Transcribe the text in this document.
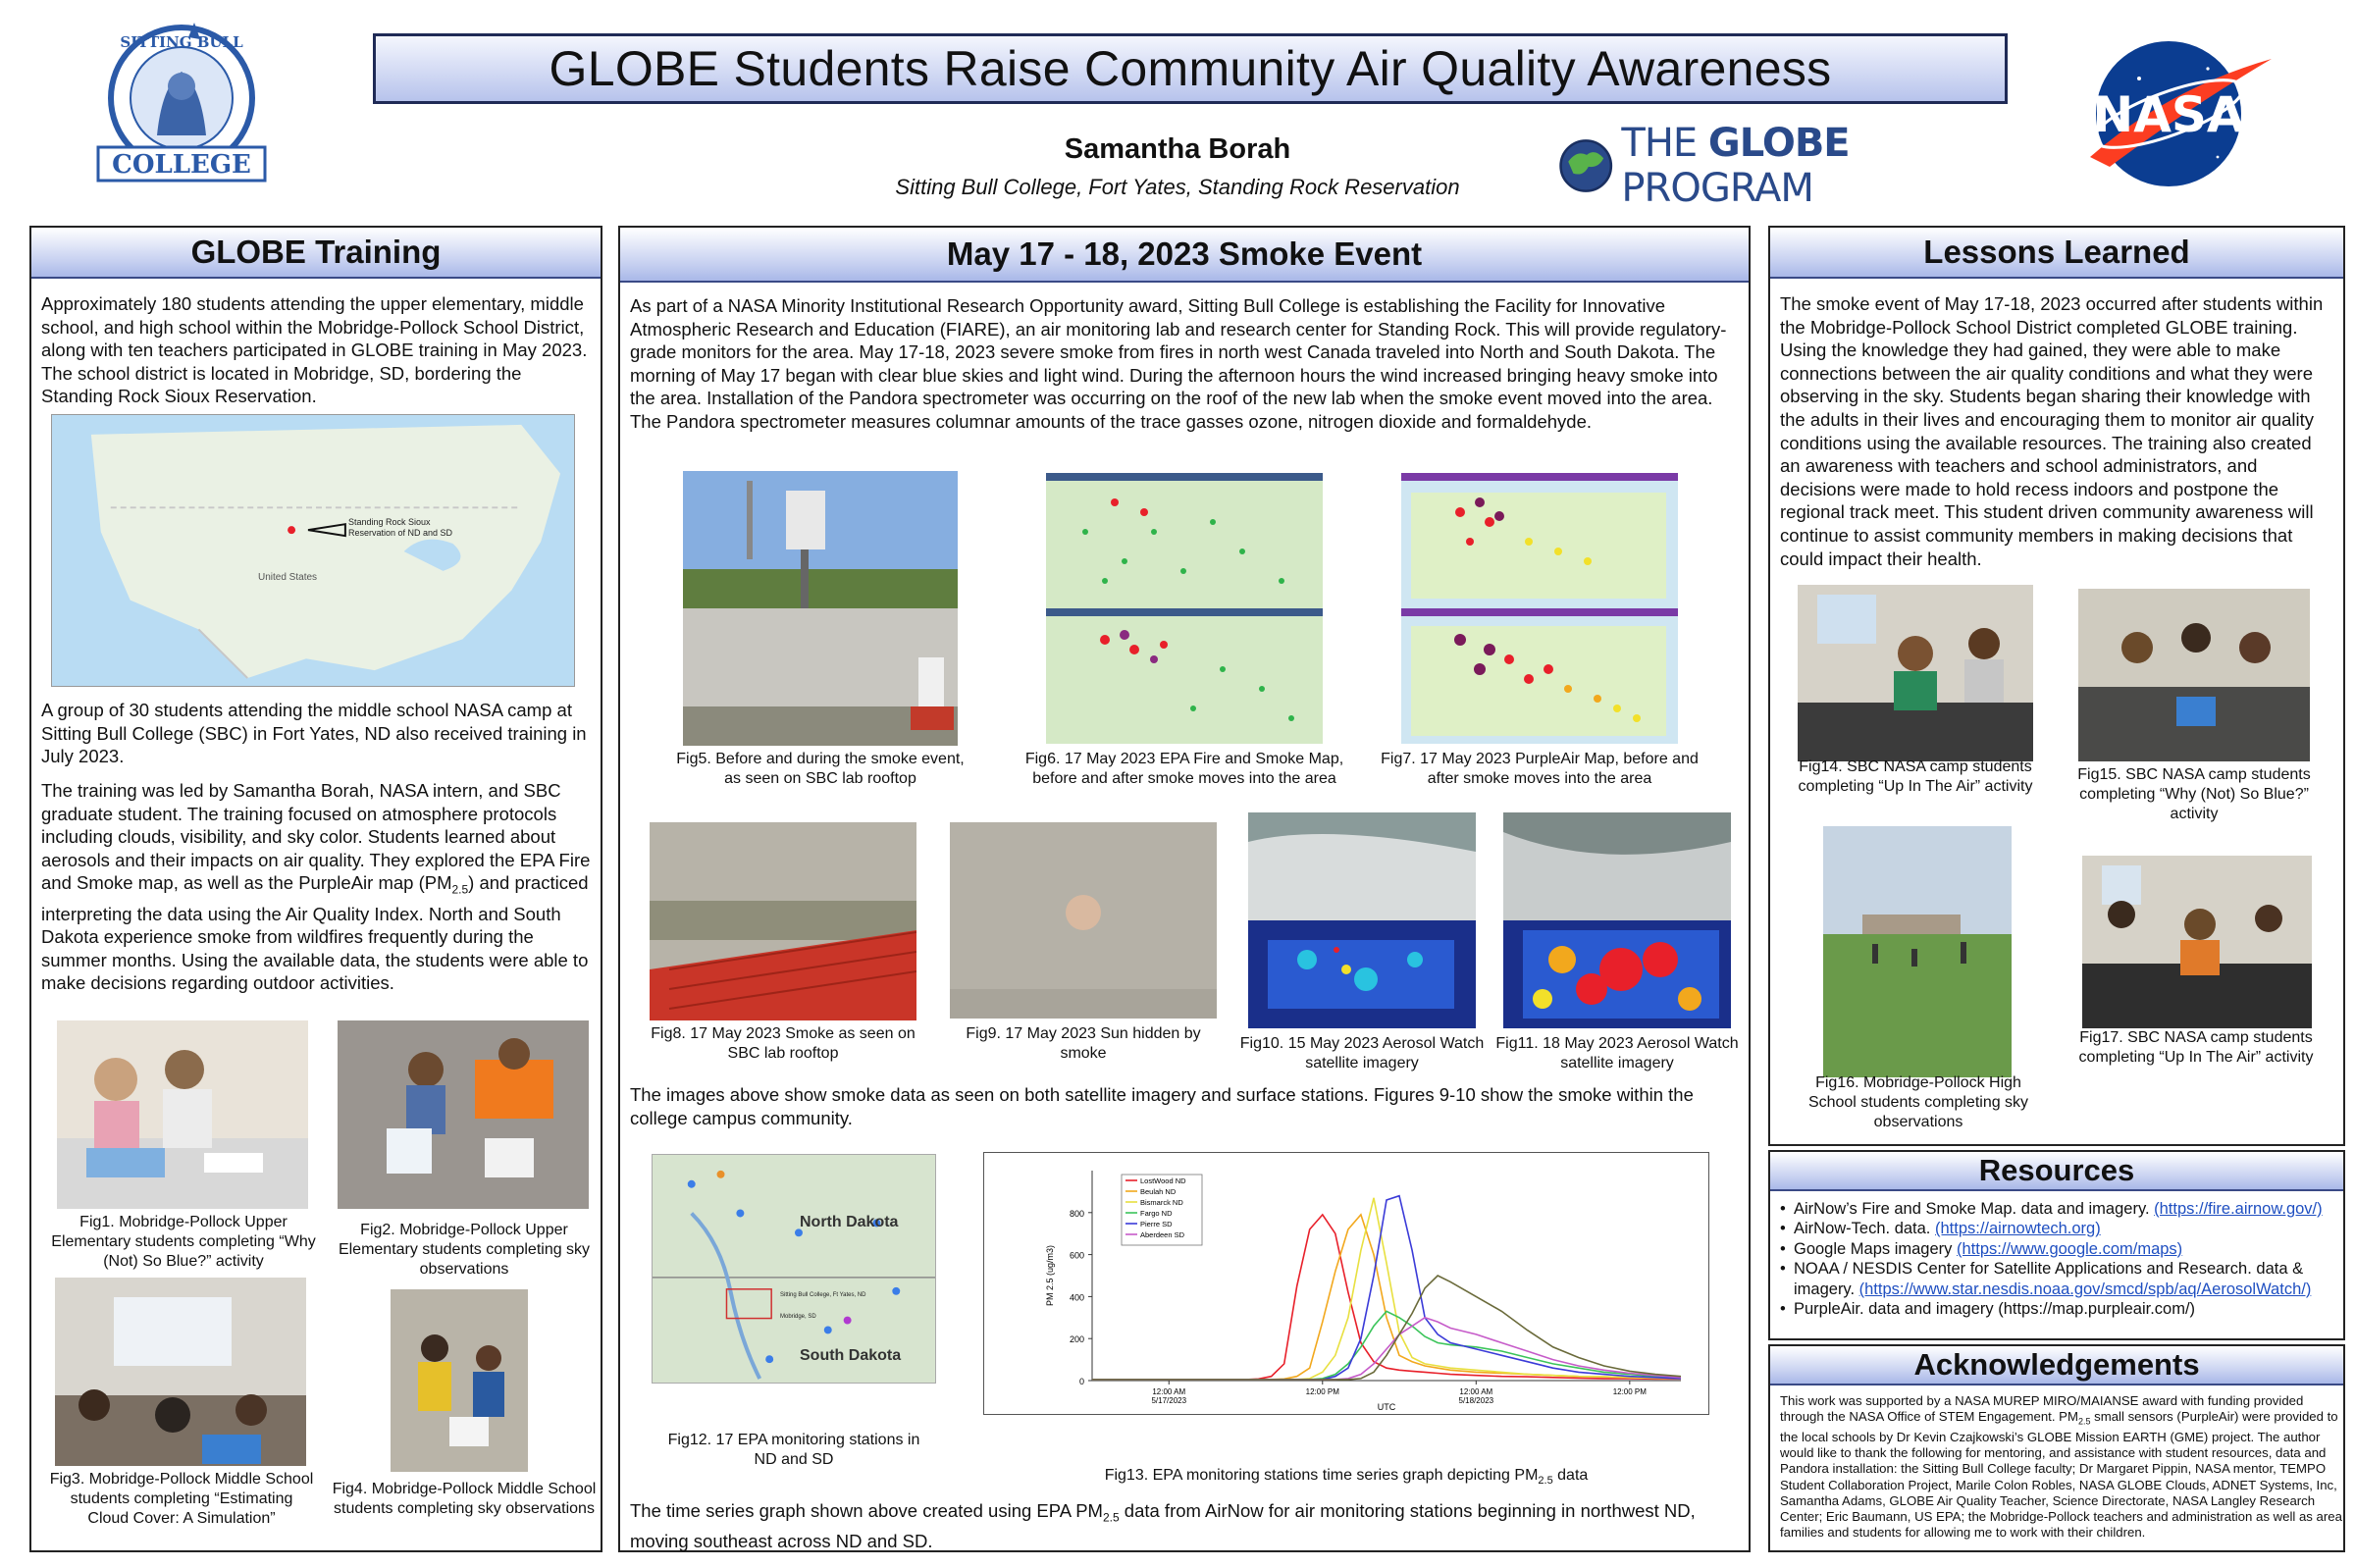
COLLEGE
SITTING BULL	GLOBE Students Raise Community Air Quality Awareness
Samantha Borah
Sitting Bull College, Fort Yates, Standing Rock Reservation
THE GLOBE PROGRAM
NASA
GLOBE Training
Approximately 180 students attending the upper elementary, middle school, and high school within the Mobridge-Pollock School District, along with ten teachers participated in GLOBE training in May 2023. The school district is located in Mobridge, SD, bordering the Standing Rock Sioux Reservation.
Standing Rock Sioux Reservation of ND and SD
United States
A group of 30 students attending the middle school NASA camp at Sitting Bull College (SBC) in Fort Yates, ND also received training in July 2023.
The training was led by Samantha Borah, NASA intern, and SBC graduate student. The training focused on atmosphere protocols including clouds, visibility, and sky color. Students learned about aerosols and their impacts on air quality. They explored the EPA Fire and Smoke map, as well as the PurpleAir map $(PM_{2.5})$ and practiced interpreting the data using the Air Quality Index. North and South Dakota experience smoke from wildfires frequently during the summer months. Using the available data, the students were able to make decisions regarding outdoor activities.
Fig1. Mobridge-Pollock Upper Elementary students completing “Why (Not) So Blue?” activity
Fig2. Mobridge-Pollock Upper Elementary students completing sky observations
Fig3. Mobridge-Pollock Middle School students completing “Estimating Cloud Cover: A Simulation”
Fig4. Mobridge-Pollock Middle School students completing sky observations
May 17 - 18, 2023 Smoke Event
As part of a NASA Minority Institutional Research Opportunity award, Sitting Bull College is establishing the Facility for Innovative Atmospheric Research and Education (FIARE), an air monitoring lab and research center for Standing Rock. This will provide regulatory-grade monitors for the area. May 17-18, 2023 severe smoke from fires in north west Canada traveled into North and South Dakota. The morning of May 17 began with clear blue skies and light wind. During the afternoon hours the wind increased bringing heavy smoke into the area. Installation of the Pandora spectrometer was occurring on the roof of the new lab when the smoke event moved into the area. The Pandora spectrometer measures columnar amounts of the trace gasses ozone, nitrogen dioxide and formaldehyde.
Fig5. Before and during the smoke event, as seen on SBC lab rooftop
Fig6. 17 May 2023 EPA Fire and Smoke Map, before and after smoke moves into the area
Fig7. 17 May 2023 PurpleAir Map, before and after smoke moves into the area
Fig8. 17 May 2023 Smoke as seen on SBC lab rooftop
Fig9. 17 May 2023 Sun hidden by smoke
Fig10. 15 May 2023 Aerosol Watch satellite imagery
Fig11. 18 May 2023 Aerosol Watch satellite imagery
The images above show smoke data as seen on both satellite imagery and surface stations. Figures 9-10 show the smoke within the college campus community.
North Dakota
South Dakota
Sitting Bull College, Ft Yates, ND
Mobridge, SD
Fig12. 17 EPA monitoring stations in ND and SD
0
200
400
600
800
12:00 AM
5/17/2023
12:00 PM	12:00 AM
5/18/2023
12:00 PM
UTC
PM 2.5 (ug/m3)
LostWood ND
Beulah ND
Bismarck ND
Fargo ND
Pierre SD
Aberdeen SD
Fig13. EPA monitoring stations time series graph depicting $PM_{2.5}$ data
The time series graph shown above created using EPA $PM_{2.5}$ data from AirNow for air monitoring stations beginning in northwest ND, moving southeast across ND and SD.
Lessons Learned
The smoke event of May 17-18, 2023 occurred after students within the Mobridge-Pollock School District completed GLOBE training. Using the knowledge they had gained, they were able to make connections between the air quality conditions and what they were observing in the sky. Students began sharing their knowledge with the adults in their lives and encouraging them to monitor air quality conditions using the available resources. The training also created an awareness with teachers and school administrators, and decisions were made to hold recess indoors and postpone the regional track meet. This student driven community awareness will continue to assist community members in making decisions that could impact their health.
Fig14. SBC NASA camp students completing “Up In The Air” activity
Fig15. SBC NASA camp students completing “Why (Not) So Blue?” activity
Fig16. Mobridge-Pollock High School students completing sky observations
Fig17. SBC NASA camp students completing “Up In The Air” activity
Resources
• AirNow’s Fire and Smoke Map. data and imagery. (https://fire.airnow.gov/)
• AirNow-Tech. data. (https://airnowtech.org)
• Google Maps imagery (https://www.google.com/maps)
• NOAA / NESDIS Center for Satellite Applications and Research. data & imagery. (https://www.star.nesdis.noaa.gov/smcd/spb/aq/AerosolWatch/)
• PurpleAir. data and imagery (https://map.purpleair.com/)
Acknowledgements
This work was supported by a NASA MUREP MIRO/MAIANSE award with funding provided through the NASA Office of STEM Engagement. $PM_{2.5}$ small sensors (PurpleAir) were provided to the local schools by Dr Kevin Czajkowski’s GLOBE Mission EARTH (GME) project. The author would like to thank the following for mentoring, and assistance with student resources, data and Pandora installation: the Sitting Bull College faculty; Dr Margaret Pippin, NASA mentor, TEMPO Student Collaboration Project, Marile Colon Robles, NASA GLOBE Clouds, ADNET Systems, Inc, Samantha Adams, GLOBE Air Quality Teacher, Science Directorate, NASA Langley Research Center; Eric Baumann, US EPA; the Mobridge-Pollock teachers and administration as well as area families and students for allowing me to work with their children.
